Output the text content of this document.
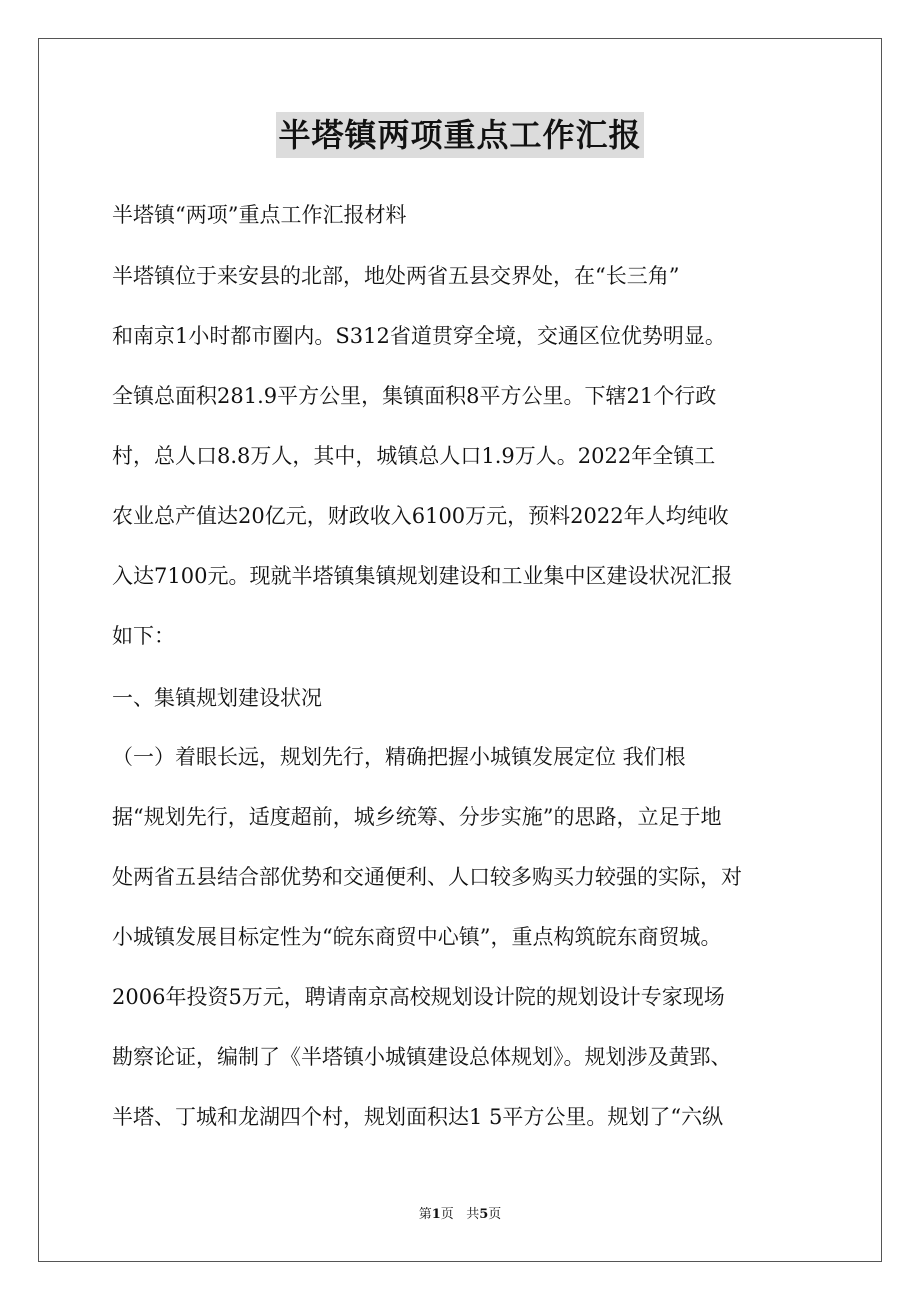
半塔镇两项重点工作汇报
半塔镇“两项”重点工作汇报材料
半塔镇位于来安县的北部，地处两省五县交界处，在“长三角”
和南京1小时都市圈内。S312省道贯穿全境，交通区位优势明显。
全镇总面积281.9平方公里，集镇面积8平方公里。下辖21个行政
村，总人口8.8万人，其中，城镇总人口1.9万人。2022年全镇工
农业总产值达20亿元，财政收入6100万元，预料2022年人均纯收
入达7100元。现就半塔镇集镇规划建设和工业集中区建设状况汇报
如下：
一、集镇规划建设状况
（一）着眼长远，规划先行，精确把握小城镇发展定位 我们根
据“规划先行，适度超前，城乡统筹、分步实施”的思路，立足于地
处两省五县结合部优势和交通便利、人口较多购买力较强的实际，对
小城镇发展目标定性为“皖东商贸中心镇”，重点构筑皖东商贸城。
2006年投资5万元，聘请南京高校规划设计院的规划设计专家现场
勘察论证，编制了《半塔镇小城镇建设总体规划》。规划涉及黄郢、
半塔、丁城和龙湖四个村，规划面积达1 5平方公里。规划了“六纵
第1页 共5页
